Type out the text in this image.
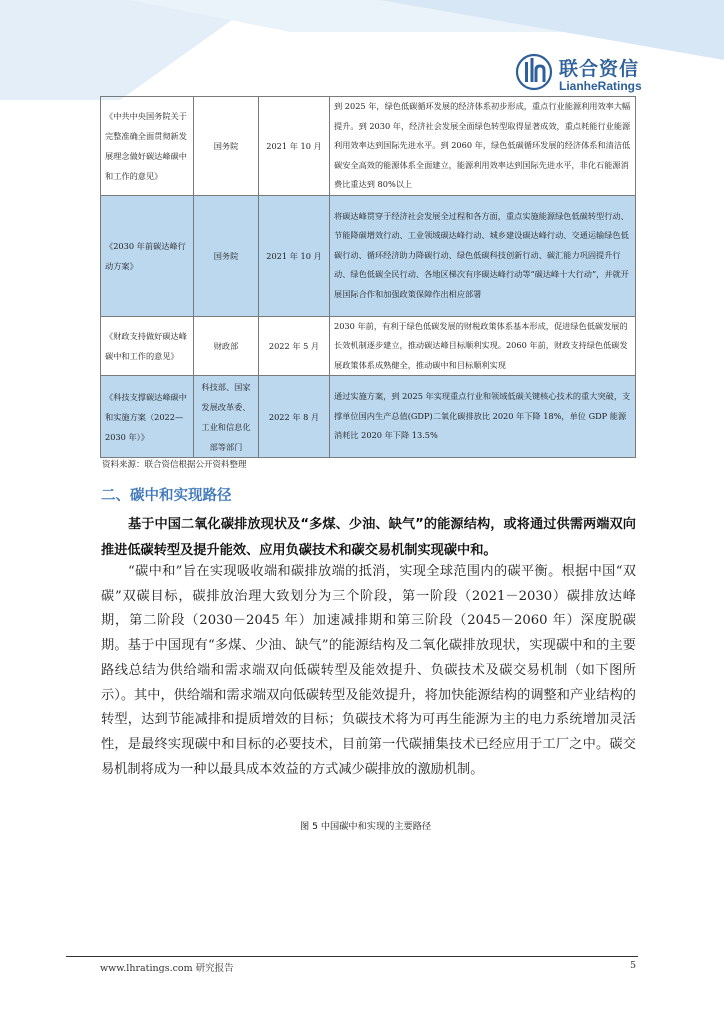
联合资信
LianheRatings
《中共中央国务院关于完整准确全面贯彻新发展理念做好碳达峰碳中和工作的意见》	国务院	2021 年 10 月	到 2025 年，绿色低碳循环发展的经济体系初步形成，重点行业能源利用效率大幅提升。到 2030 年，经济社会发展全面绿色转型取得显著成效，重点耗能行业能源利用效率达到国际先进水平。到 2060 年，绿色低碳循环发展的经济体系和清洁低碳安全高效的能源体系全面建立，能源利用效率达到国际先进水平，非化石能源消费比重达到 80%以上
《2030 年前碳达峰行动方案》	国务院	2021 年 10 月	将碳达峰贯穿于经济社会发展全过程和各方面，重点实施能源绿色低碳转型行动、节能降碳增效行动、工业领域碳达峰行动、城乡建设碳达峰行动、交通运输绿色低碳行动、循环经济助力降碳行动、绿色低碳科技创新行动、碳汇能力巩固提升行动、绿色低碳全民行动、各地区梯次有序碳达峰行动等“碳达峰十大行动”，并就开展国际合作和加强政策保障作出相应部署
《财政支持做好碳达峰碳中和工作的意见》	财政部	2022 年 5 月	2030 年前，有利于绿色低碳发展的财税政策体系基本形成，促进绿色低碳发展的长效机制逐步建立，推动碳达峰目标顺利实现。2060 年前，财政支持绿色低碳发展政策体系成熟健全，推动碳中和目标顺利实现
《科技支撑碳达峰碳中和实施方案（2022—2030 年）》	科技部、国家发展改革委、工业和信息化部等部门	2022 年 8 月	通过实施方案，到 2025 年实现重点行业和领域低碳关键核心技术的重大突破，支撑单位国内生产总值(GDP)二氧化碳排放比 2020 年下降 18%，单位 GDP 能源消耗比 2020 年下降 13.5%
资料来源：联合资信根据公开资料整理
二、碳中和实现路径
基于中国二氧化碳排放现状及“多煤、少油、缺气”的能源结构，或将通过供需两端双向推进低碳转型及提升能效、应用负碳技术和碳交易机制实现碳中和。
“碳中和”旨在实现吸收端和碳排放端的抵消，实现全球范围内的碳平衡。根据中国“双碳”双碳目标，碳排放治理大致划分为三个阶段，第一阶段（2021－2030）碳排放达峰期，第二阶段（2030－2045 年）加速减排期和第三阶段（2045－2060 年）深度脱碳期。基于中国现有“多煤、少油、缺气”的能源结构及二氧化碳排放现状，实现碳中和的主要路线总结为供给端和需求端双向低碳转型及能效提升、负碳技术及碳交易机制（如下图所示）。其中，供给端和需求端双向低碳转型及能效提升，将加快能源结构的调整和产业结构的转型，达到节能减排和提质增效的目标；负碳技术将为可再生能源为主的电力系统增加灵活性，是最终实现碳中和目标的必要技术，目前第一代碳捕集技术已经应用于工厂之中。碳交易机制将成为一种以最具成本效益的方式减少碳排放的激励机制。
图 5 中国碳中和实现的主要路径
www.lhratings.com 研究报告	5
